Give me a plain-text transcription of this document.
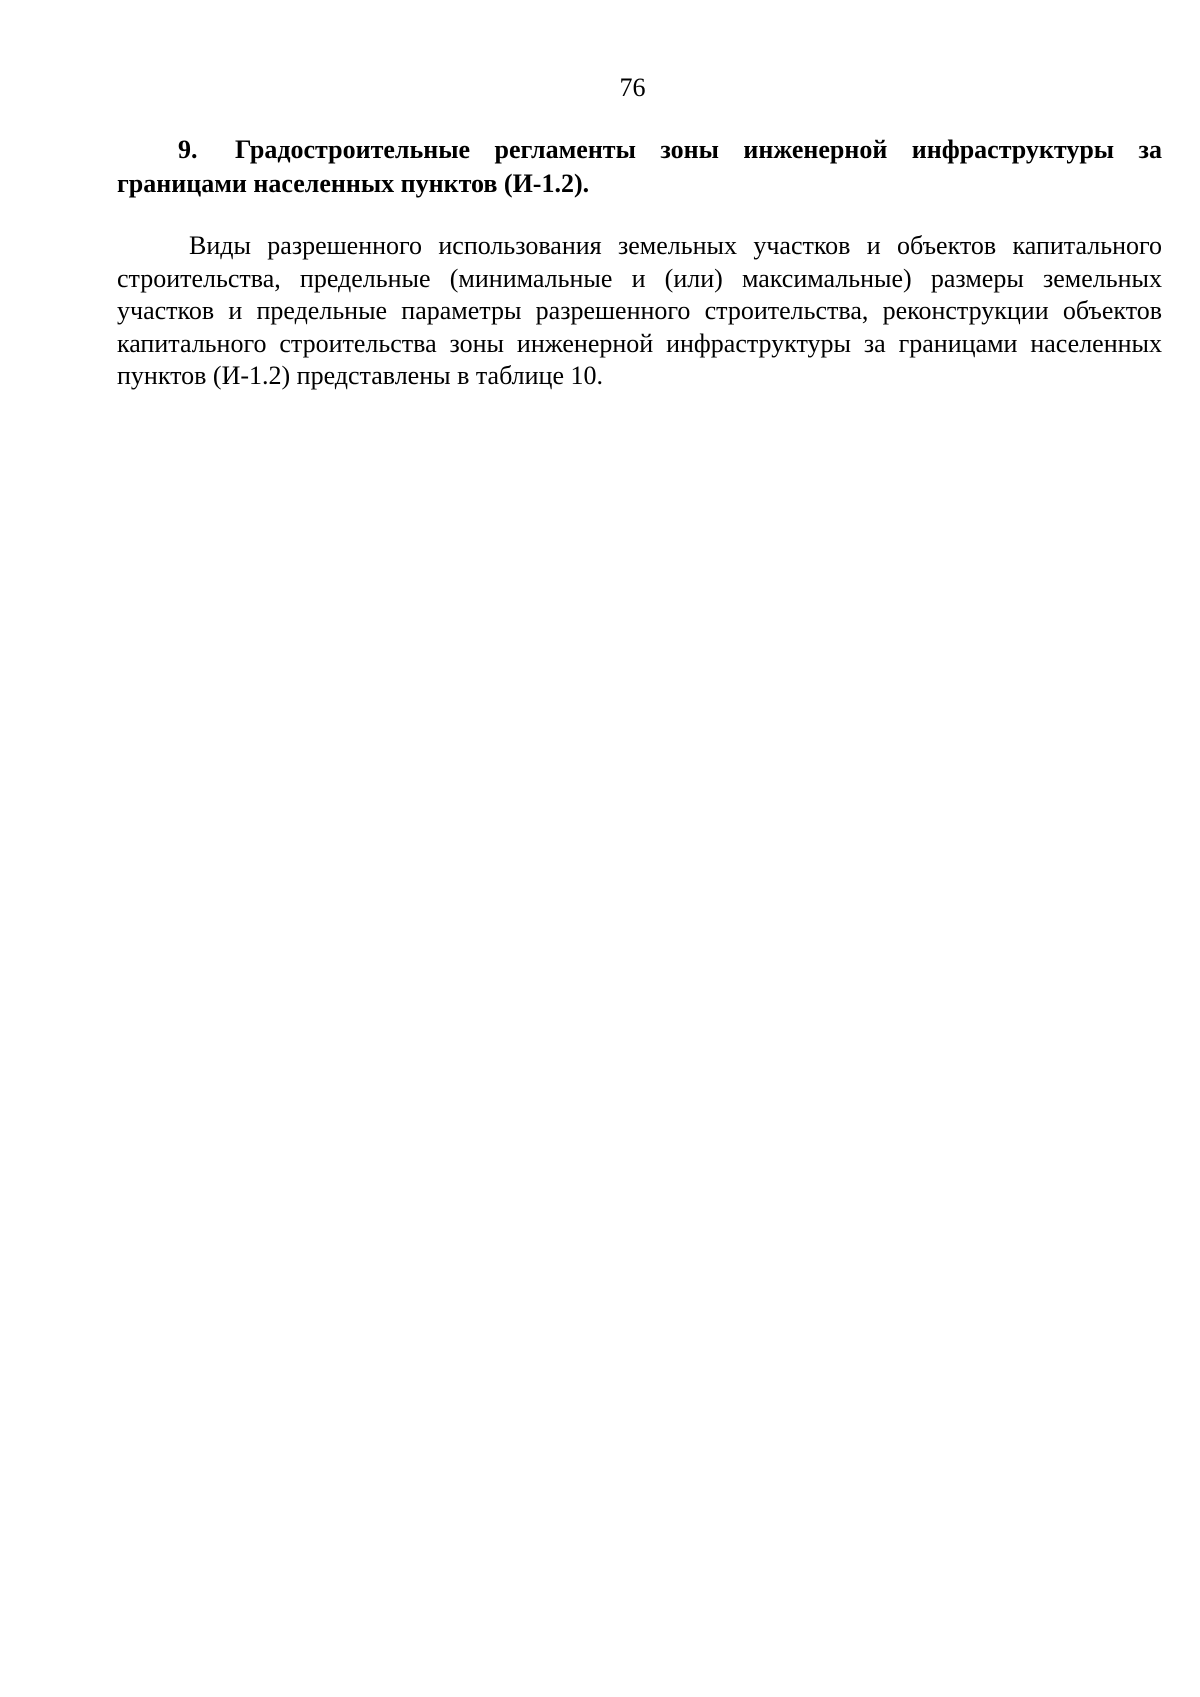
76

9. Градостроительные регламенты зоны инженерной инфраструктуры за границами населенных пунктов (И-1.2).

Виды разрешенного использования земельных участков и объектов капитального строительства, предельные (минимальные и (или) максимальные) размеры земельных участков и предельные параметры разрешенного строительства, реконструкции объектов капитального строительства зоны инженерной инфраструктуры за границами населенных пунктов (И-1.2) представлены в таблице 10.
